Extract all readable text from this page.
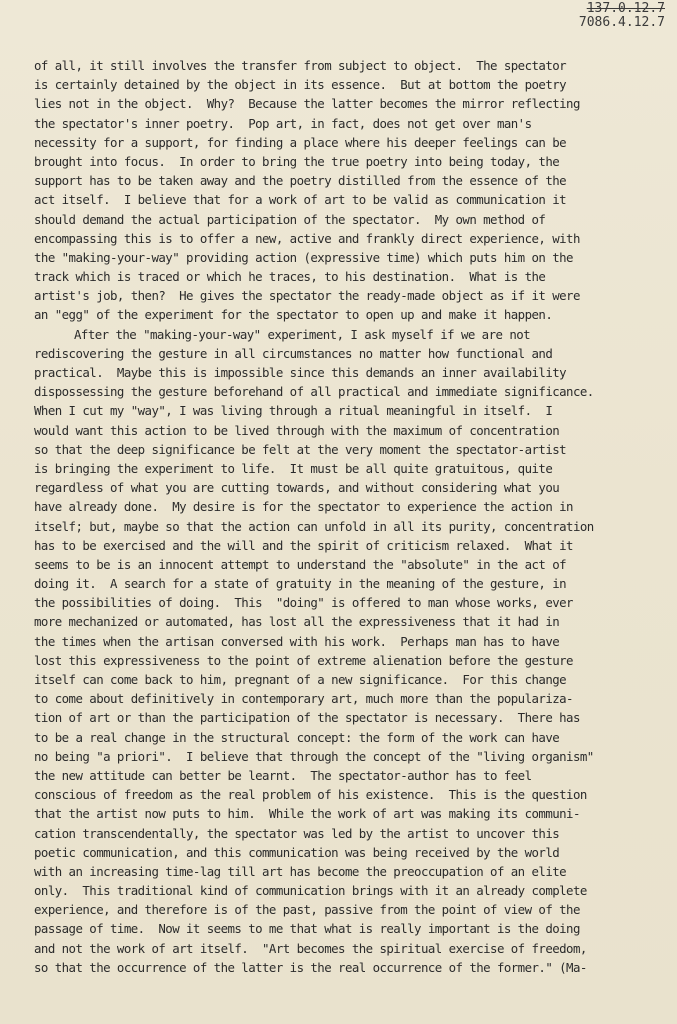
137.0.12.7
7086.4.12.7
of all, it still involves the transfer from subject to object.  The spectator
is certainly detained by the object in its essence.  But at bottom the poetry
lies not in the object.  Why?  Because the latter becomes the mirror reflecting
the spectator's inner poetry.  Pop art, in fact, does not get over man's
necessity for a support, for finding a place where his deeper feelings can be
brought into focus.  In order to bring the true poetry into being today, the
support has to be taken away and the poetry distilled from the essence of the
act itself.  I believe that for a work of art to be valid as communication it
should demand the actual participation of the spectator.  My own method of
encompassing this is to offer a new, active and frankly direct experience, with
the "making-your-way" providing action (expressive time) which puts him on the
track which is traced or which he traces, to his destination.  What is the
artist's job, then?  He gives the spectator the ready-made object as if it were
an "egg" of the experiment for the spectator to open up and make it happen.
After the "making-your-way" experiment, I ask myself if we are not
rediscovering the gesture in all circumstances no matter how functional and
practical.  Maybe this is impossible since this demands an inner availability
dispossessing the gesture beforehand of all practical and immediate significance.
When I cut my "way", I was living through a ritual meaningful in itself.  I
would want this action to be lived through with the maximum of concentration
so that the deep significance be felt at the very moment the spectator-artist
is bringing the experiment to life.  It must be all quite gratuitous, quite
regardless of what you are cutting towards, and without considering what you
have already done.  My desire is for the spectator to experience the action in
itself; but, maybe so that the action can unfold in all its purity, concentration
has to be exercised and the will and the spirit of criticism relaxed.  What it
seems to be is an innocent attempt to understand the "absolute" in the act of
doing it.  A search for a state of gratuity in the meaning of the gesture, in
the possibilities of doing.  This  "doing" is offered to man whose works, ever
more mechanized or automated, has lost all the expressiveness that it had in
the times when the artisan conversed with his work.  Perhaps man has to have
lost this expressiveness to the point of extreme alienation before the gesture
itself can come back to him, pregnant of a new significance.  For this change
to come about definitively in contemporary art, much more than the populariza-
tion of art or than the participation of the spectator is necessary.  There has
to be a real change in the structural concept: the form of the work can have
no being "a priori".  I believe that through the concept of the "living organism"
the new attitude can better be learnt.  The spectator-author has to feel
conscious of freedom as the real problem of his existence.  This is the question
that the artist now puts to him.  While the work of art was making its communi-
cation transcendentally, the spectator was led by the artist to uncover this
poetic communication, and this communication was being received by the world
with an increasing time-lag till art has become the preoccupation of an elite
only.  This traditional kind of communication brings with it an already complete
experience, and therefore is of the past, passive from the point of view of the
passage of time.  Now it seems to me that what is really important is the doing
and not the work of art itself.  "Art becomes the spiritual exercise of freedom,
so that the occurrence of the latter is the real occurrence of the former." (Ma-
